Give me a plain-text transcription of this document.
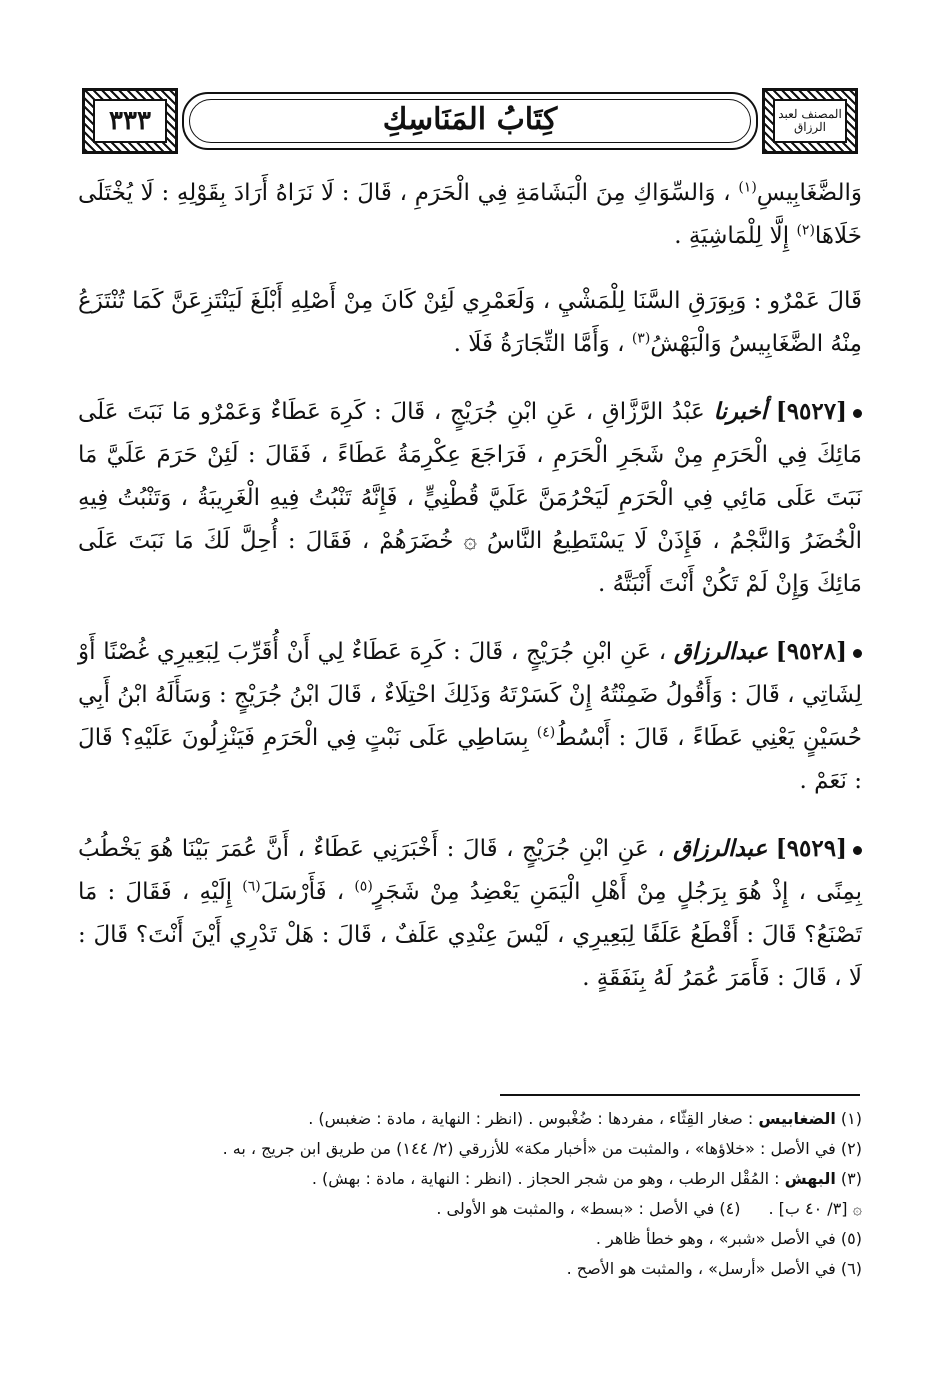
٣٣٣	كِتَابُ المَنَاسِكِ	المصنف لعبد الرزاق

وَالضَّغَابِيسِ$^{(١)}$ ، وَالسِّوَاكِ مِنَ الْبَشَامَةِ فِي الْحَرَمِ ، قَالَ : لَا نَرَاهُ أَرَادَ بِقَوْلِهِ : لَا يُخْتَلَى خَلَاهَا$^{(٢)}$ إِلَّا لِلْمَاشِيَةِ .

قَالَ عَمْرٌو : وَبِوَرَقِ السَّنَا لِلْمَشْيِ ، وَلَعَمْرِي لَئِنْ كَانَ مِنْ أَصْلِهِ أَبْلَغَ لَيَنْتَزِعَنَّ كَمَا تُنْتَزَعُ مِنْهُ الضَّغَابِيسُ وَالْبَهْشُ$^{(٣)}$ ، وَأَمَّا التِّجَارَةُ فَلَا .

[٩٥٢٧] أخبرنا عَبْدُ الرَّزَّاقِ ، عَنِ ابْنِ جُرَيْجٍ ، قَالَ : كَرِهَ عَطَاءٌ وَعَمْرٌو مَا نَبَتَ عَلَى مَائِكَ فِي الْحَرَمِ مِنْ شَجَرِ الْحَرَمِ ، فَرَاجَعَ عِكْرِمَةُ عَطَاءً ، فَقَالَ : لَئِنْ حَرَمَ عَلَيَّ مَا نَبَتَ عَلَى مَائِي فِي الْحَرَمِ لَيَحْرُمَنَّ عَلَيَّ قُطْنِيٍّ ، فَإِنَّهُ تَنْبُتُ فِيهِ الْغَرِيبَةُ ، وَتَنْبُتُ فِيهِ الْخُضَرُ وَالنَّجْمُ ، فَإِذَنْ لَا يَسْتَطِيعُ النَّاسُ ۞ خُضَرَهُمْ ، فَقَالَ : أُحِلَّ لَكَ مَا نَبَتَ عَلَى مَائِكَ وَإِنْ لَمْ تَكُنْ أَنْتَ أَنْبَتَّهُ .

[٩٥٢٨] عبدالرزاق ، عَنِ ابْنِ جُرَيْجٍ ، قَالَ : كَرِهَ عَطَاءٌ لِي أَنْ أُقَرِّبَ لِبَعِيرِي غُصْنًا أَوْ لِشَاتِي ، قَالَ : وَأَقُولُ ضَمِنْتُهُ إِنْ كَسَرْتَهُ وَذَلِكَ احْتِلَاءٌ ، قَالَ ابْنُ جُرَيْجٍ : وَسَأَلَهُ ابْنُ أَبِي حُسَيْنٍ يَعْنِي عَطَاءً ، قَالَ : أَبْسُطُ$^{(٤)}$ بِسَاطِي عَلَى نَبْتٍ فِي الْحَرَمِ فَيَنْزِلُونَ عَلَيْهِ؟ قَالَ : نَعَمْ .

[٩٥٢٩] عبدالرزاق ، عَنِ ابْنِ جُرَيْجٍ ، قَالَ : أَخْبَرَنِي عَطَاءٌ ، أَنَّ عُمَرَ بَيْنَا هُوَ يَخْطُبُ بِمِنًى ، إِذْ هُوَ بِرَجُلٍ مِنْ أَهْلِ الْيَمَنِ يَعْضِدُ مِنْ شَجَرٍ$^{(٥)}$ ، فَأَرْسَلَ$^{(٦)}$ إِلَيْهِ ، فَقَالَ : مَا تَصْنَعُ؟ قَالَ : أَقْطَعُ عَلَفًا لِبَعِيرِي ، لَيْسَ عِنْدِي عَلَفٌ ، قَالَ : هَلْ تَدْرِي أَيْنَ أَنْتَ؟ قَالَ : لَا ، قَالَ : فَأَمَرَ عُمَرُ لَهُ بِنَفَقَةٍ .

(١) الضغابيس : صغار القِثّاء ، مفردها : ضُغْبوس . (انظر : النهاية ، مادة : ضغبس) .

(٢) في الأصل : «خلاؤها» ، والمثبت من «أخبار مكة» للأزرقي (٢/ ١٤٤) من طريق ابن جريج ، به .

(٣) البهش : المُقْل الرطب ، وهو من شجر الحجاز . (انظر : النهاية ، مادة : بهش) .

۞ [٣/ ٤٠ ب] .
(٤) في الأصل : «بسط» ، والمثبت هو الأولى .

(٥) في الأصل «شبر» ، وهو خطأ ظاهر .

(٦) في الأصل «أرسل» ، والمثبت هو الأصح .
